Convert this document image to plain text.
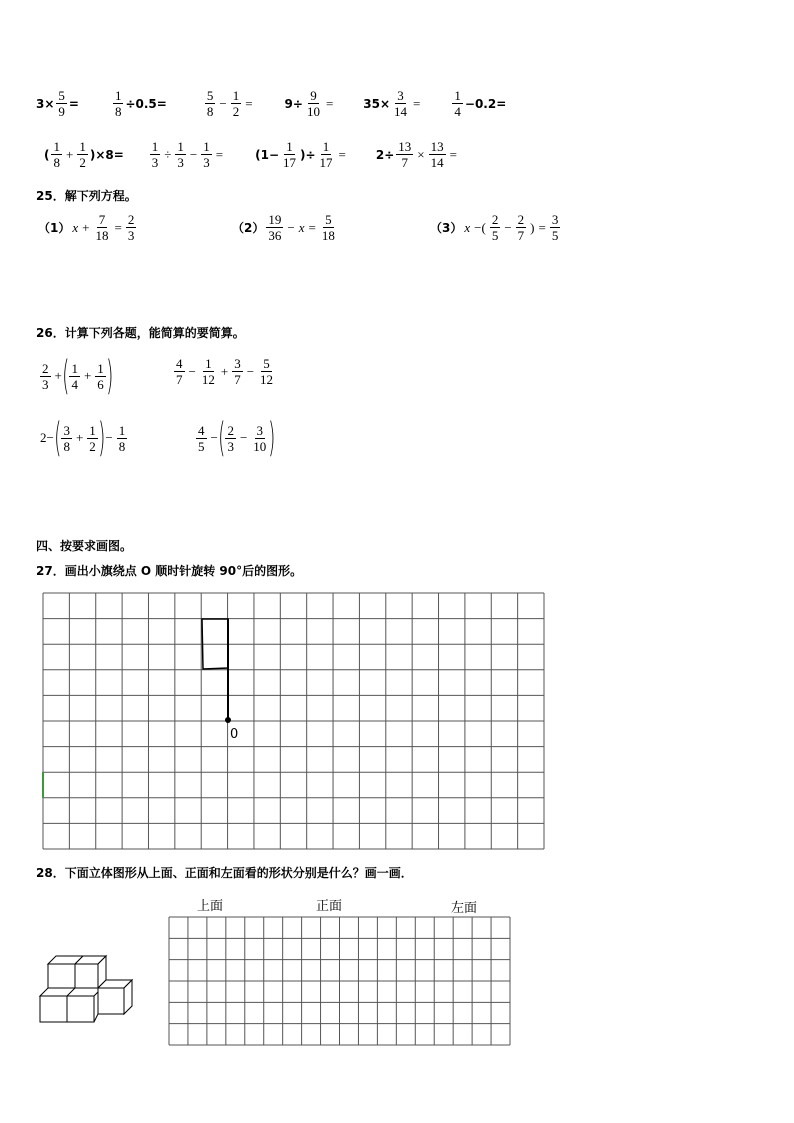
$3\times \frac{5}{9}$ =	$\frac{1}{8} \div 0.5=$	$\frac{5}{8} - \frac{1}{2}$ =	$9\div \frac{9}{10}$ =	$35\times \frac{3}{14} = \frac{1}{4} -0.2=$
( $\frac{1}{8} + \frac{1}{2} )\times 8= \frac{1}{3} \div \frac{1}{3} - \frac{1}{3}$ =	($1- \frac{1}{17}$ )÷ $\frac{1}{17}$ =	$2\div \frac{13}{7} \times \frac{13}{14}$ =
25．解下列方程。
（1） $x + \frac{7}{18} = \frac{2}{3}$	$(2) \frac{19}{36} - x = \frac{5}{18}$	（3） x −( $\frac{2}{5} - \frac{2}{7}$ ) = $\frac{3}{5}$
26．计算下列各题，能简算的要简算。
$\frac{2}{3}$ + ( $\frac{1}{4} + \frac{1}{6}$ )	$\frac{4}{7} - \frac{1}{12} + \frac{3}{7} - \frac{5}{12}$
2− ( $\frac{3}{8} + \frac{1}{2}$ ) − $\frac{1}{8}$	$\frac{4}{5}$ − ( $\frac{2}{3} - \frac{3}{10}$ )
四、按要求画图。
27．画出小旗绕点 O 顺时针旋转 90°后的图形。
0
28．下面立体图形从上面、正面和左面看的形状分别是什么？画一画．
上面	正面	左面
